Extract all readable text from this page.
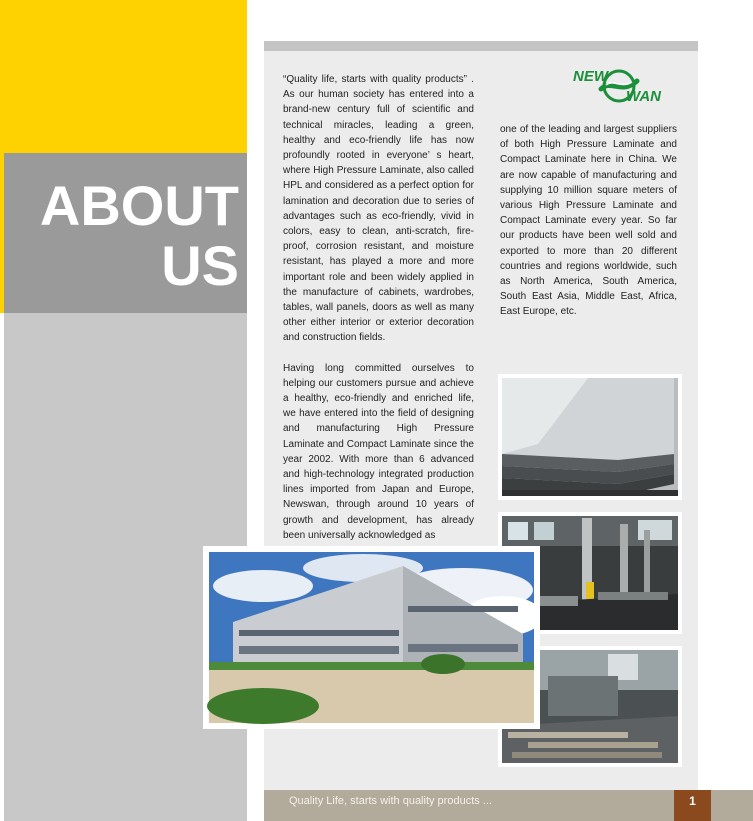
ABOUT
US
NEW
WAN

“Quality life, starts with quality products” . As our human society has entered into a brand-new century full of scientific and technical miracles, leading a green, healthy and eco-friendly life has now profoundly rooted in everyone’ s heart, where High Pressure Laminate, also called HPL and considered as a perfect option for lamination and decoration due to series of advantages such as eco-friendly, vivid in colors, easy to clean, anti-scratch, fire-proof, corrosion resistant, and moisture resistant, has played a more and more important role and been widely applied in the manufacture of cabinets, wardrobes, tables, wall panels, doors as well as many other either interior or exterior decoration and construction fields.

Having long committed ourselves to helping our customers pursue and achieve a healthy, eco-friendly and enriched life, we have entered into the field of designing and manufacturing High Pressure Laminate and Compact Laminate since the year 2002. With more than 6 advanced and high-technology integrated production lines imported from Japan and Europe, Newswan, through around 10 years of growth and development, has already been universally acknowledged as

one of the leading and largest suppliers of both High Pressure Laminate and Compact Laminate here in China. We are now capable of manufacturing and supplying 10 million square meters of various High Pressure Laminate and Compact Laminate every year. So far our products have been well sold and exported to more than 20 different countries and regions worldwide, such as North America, South America, South East Asia, Middle East, Africa, East Europe, etc.

Quality Life, starts with quality products ...	1
